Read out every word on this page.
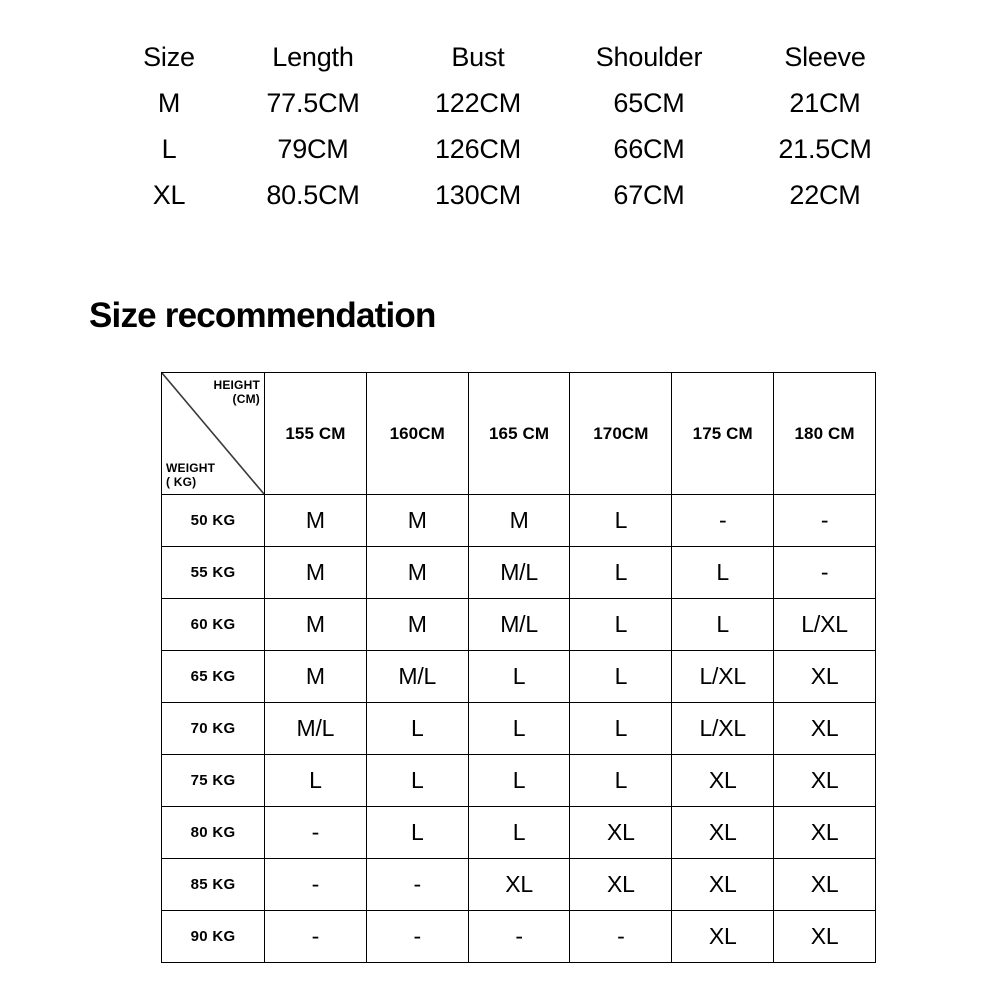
Size	Length	Bust	Shoulder	Sleeve
M	77.5CM	122CM	65CM	21CM
L	79CM	126CM	66CM	21.5CM
XL	80.5CM	130CM	67CM	22CM
Size recommendation
HEIGHT
(CM)
WEIGHT
( KG)	155 CM	160CM	165 CM	170CM	175 CM	180 CM
50 KG	M	M	M	L	-	-
55 KG	M	M	M/L	L	L	-
60 KG	M	M	M/L	L	L	L/XL
65 KG	M	M/L	L	L	L/XL	XL
70 KG	M/L	L	L	L	L/XL	XL
75 KG	L	L	L	L	XL	XL
80 KG	-	L	L	XL	XL	XL
85 KG	-	-	XL	XL	XL	XL
90 KG	-	-	-	-	XL	XL
